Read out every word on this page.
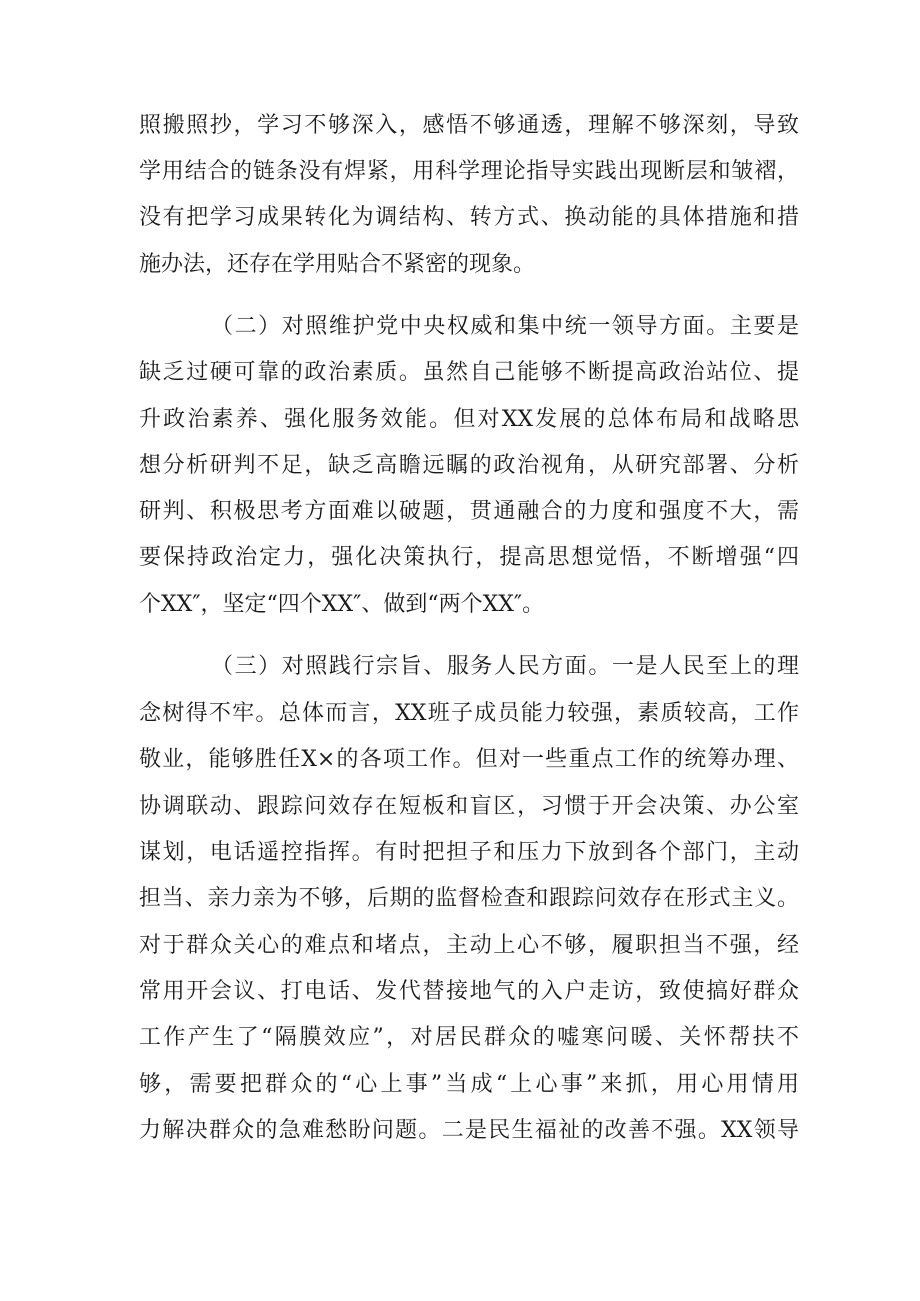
照搬照抄，学习不够深入，感悟不够通透，理解不够深刻，导致
学用结合的链条没有焊紧，用科学理论指导实践出现断层和皱褶，
没有把学习成果转化为调结构、转方式、换动能的具体措施和措
施办法，还存在学用贴合不紧密的现象。
（二）对照维护党中央权威和集中统一领导方面。主要是
缺乏过硬可靠的政治素质。虽然自己能够不断提高政治站位、提
升政治素养、强化服务效能。但对XX发展的总体布局和战略思
想分析研判不足，缺乏高瞻远瞩的政治视角，从研究部署、分析
研判、积极思考方面难以破题，贯通融合的力度和强度不大，需
要保持政治定力，强化决策执行，提高思想觉悟，不断增强“四
个XX″，坚定“四个XX″、做到“两个XX″。
（三）对照践行宗旨、服务人民方面。一是人民至上的理
念树得不牢。总体而言，XX班子成员能力较强，素质较高，工作
敬业，能够胜任X×的各项工作。但对一些重点工作的统筹办理、
协调联动、跟踪问效存在短板和盲区，习惯于开会决策、办公室
谋划，电话遥控指挥。有时把担子和压力下放到各个部门，主动
担当、亲力亲为不够，后期的监督检查和跟踪问效存在形式主义。
对于群众关心的难点和堵点，主动上心不够，履职担当不强，经
常用开会议、打电话、发代替接地气的入户走访，致使搞好群众
工作产生了“隔膜效应”，对居民群众的嘘寒问暖、关怀帮扶不
够，需要把群众的“心上事”当成“上心事”来抓，用心用情用
力解决群众的急难愁盼问题。二是民生福祉的改善不强。XX领导
